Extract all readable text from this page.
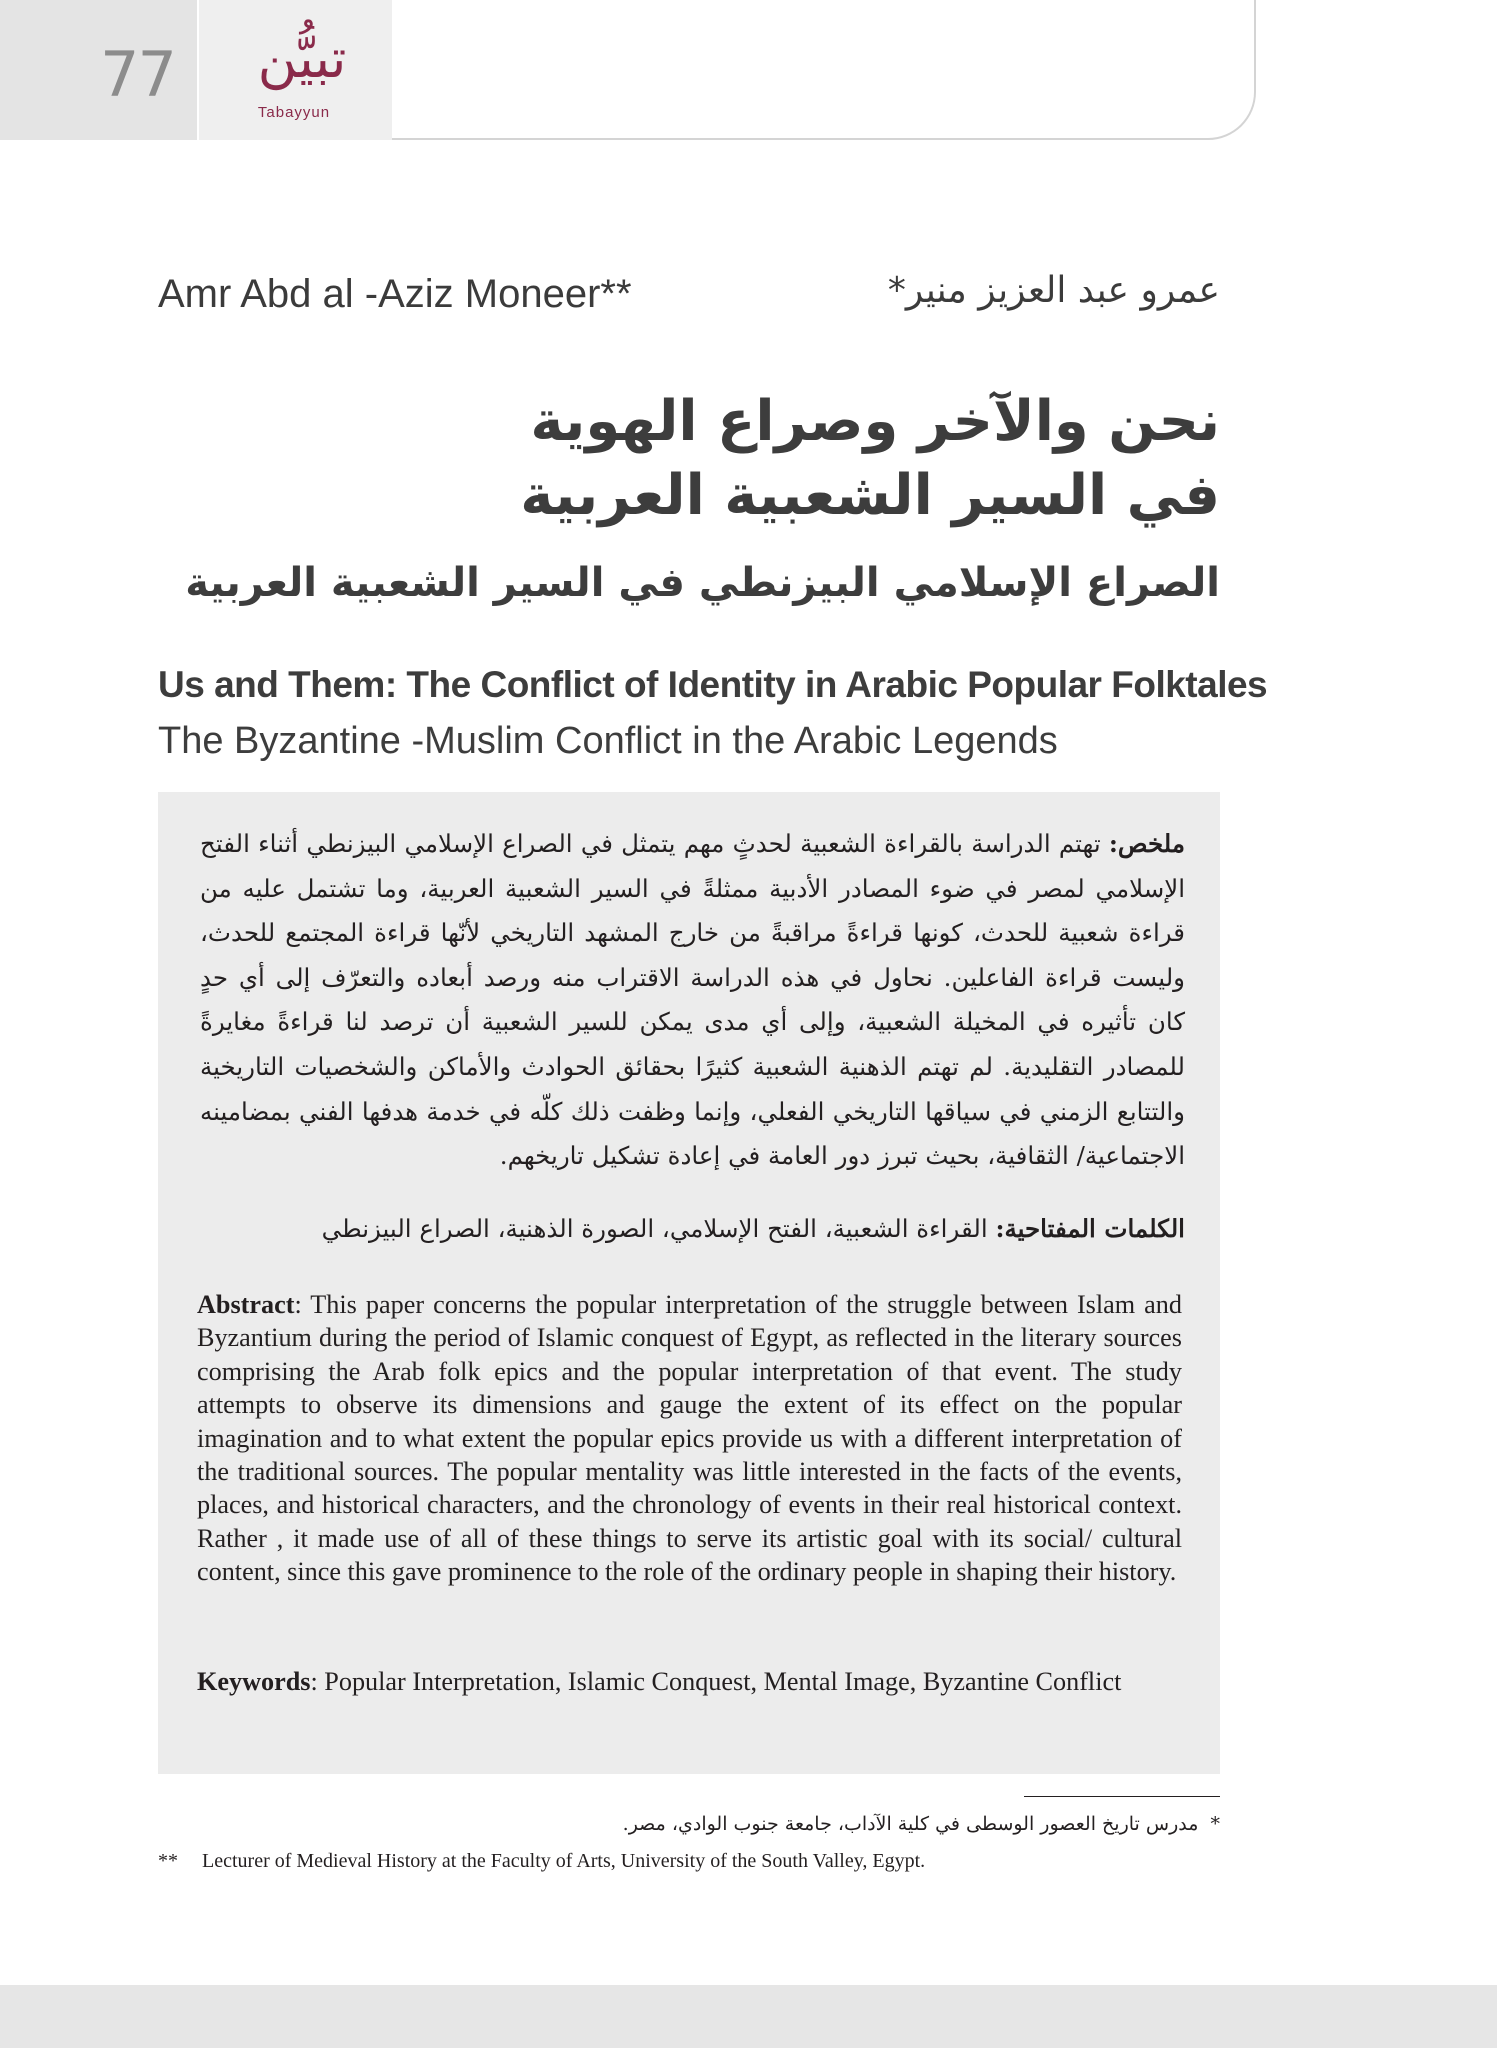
77	تبيُّن
Tabayyun
Amr Abd al -Aziz Moneer**	عمرو عبد العزيز منير*
نحن والآخر وصراع الهوية
في السير الشعبية العربية
الصراع الإسلامي البيزنطي في السير الشعبية العربية
Us and Them: The Conflict of Identity in Arabic Popular Folktales
The Byzantine -Muslim Conflict in the Arabic Legends
ملخص: تهتم الدراسة بالقراءة الشعبية لحدثٍ مهم يتمثل في الصراع الإسلامي البيزنطي أثناء الفتح الإسلامي لمصر في ضوء المصادر الأدبية ممثلةً في السير الشعبية العربية، وما تشتمل عليه من قراءة شعبية للحدث، كونها قراءةً مراقبةً من خارج المشهد التاريخي لأنّها قراءة المجتمع للحدث، وليست قراءة الفاعلين. نحاول في هذه الدراسة الاقتراب منه ورصد أبعاده والتعرّف إلى أي حدٍ كان تأثيره في المخيلة الشعبية، وإلى أي مدى يمكن للسير الشعبية أن ترصد لنا قراءةً مغايرةً للمصادر التقليدية. لم تهتم الذهنية الشعبية كثيرًا بحقائق الحوادث والأماكن والشخصيات التاريخية والتتابع الزمني في سياقها التاريخي الفعلي، وإنما وظفت ذلك كلّه في خدمة هدفها الفني بمضامينه الاجتماعية/ الثقافية، بحيث تبرز دور العامة في إعادة تشكيل تاريخهم.
الكلمات المفتاحية: القراءة الشعبية، الفتح الإسلامي، الصورة الذهنية، الصراع البيزنطي
Abstract: This paper concerns the popular interpretation of the struggle between Islam and Byzantium during the period of Islamic conquest of Egypt, as reflected in the literary sources comprising the Arab folk epics and the popular interpretation of that event. The study attempts to observe its dimensions and gauge the extent of its effect on the popular imagination and to what extent the popular epics provide us with a different interpretation of the traditional sources. The popular mentality was little interested in the facts of the events, places, and historical characters, and the chronology of events in their real historical context. Rather , it made use of all of these things to serve its artistic goal with its social/ cultural content, since this gave prominence to the role of the ordinary people in shaping their history.
Keywords: Popular Interpretation, Islamic Conquest, Mental Image, Byzantine Conflict
*  مدرس تاريخ العصور الوسطى في كلية الآداب، جامعة جنوب الوادي، مصر.
** Lecturer of Medieval History at the Faculty of Arts, University of the South Valley, Egypt.
